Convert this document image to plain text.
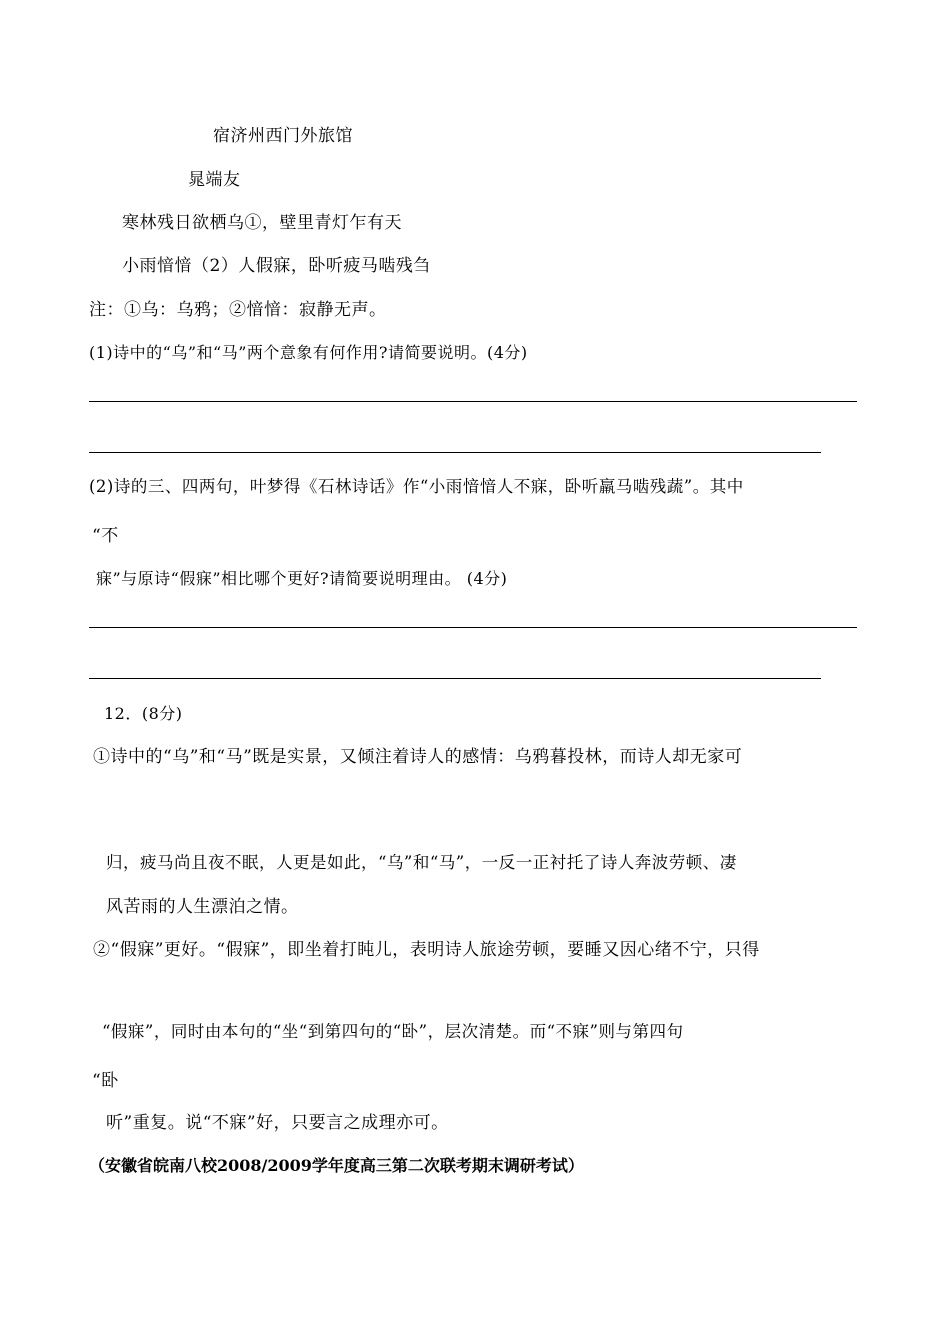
宿济州西门外旅馆
晁端友
寒林残日欲栖乌①，壁里青灯乍有天
小雨愔愔（2）人假寐，卧听疲马啮残刍
注：①乌：乌鸦；②愔愔：寂静无声。
(1)诗中的“乌”和“马”两个意象有何作用?请简要说明。(4分)
(2)诗的三、四两句，叶梦得《石林诗话》作“小雨愔愔人不寐，卧听羸马啮残蔬”。其中
“不
寐”与原诗“假寐”相比哪个更好?请简要说明理由。 (4分)
12．(8分)
①诗中的“乌”和“马”既是实景，又倾注着诗人的感情：乌鸦暮投林，而诗人却无家可
归，疲马尚且夜不眠，人更是如此，“乌”和“马”，一反一正衬托了诗人奔波劳顿、凄
风苦雨的人生漂泊之情。
②“假寐”更好。“假寐”，即坐着打盹儿，表明诗人旅途劳顿，要睡又因心绪不宁，只得
“假寐”，同时由本句的“坐“到第四句的“卧”，层次清楚。而“不寐”则与第四句
“卧
听”重复。说“不寐”好，只要言之成理亦可。
（安徽省皖南八校2008/2009学年度高三第二次联考期末调研考试）
